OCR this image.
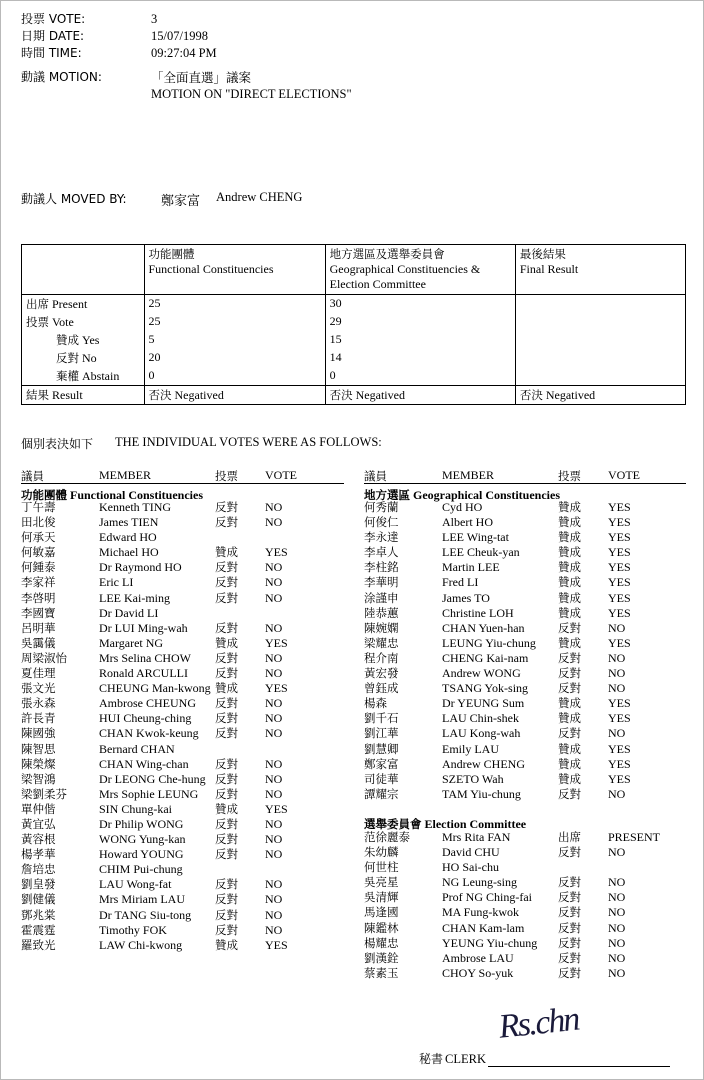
投票 VOTE:	3
日期 DATE:	15/07/1998
時間 TIME:	09:27:04 PM
動議 MOTION:	「全面直選」議案
MOTION ON "DIRECT ELECTIONS"
動議人 MOVED BY:	鄭家富 Andrew CHENG

功能團體
Functional Constituencies

地方選區及選舉委員會
Geographical Constituencies &
Election Committee

最後結果
Final Result

出席 Present	25	30	
投票 Vote	25	29	
贊成 Yes	5	15	
反對 No	20	14	
棄權 Abstain	0	0	
結果 Result	否決 Negatived	否決 Negatived	否決 Negatived
個別表決如下	THE INDIVIDUAL VOTES WERE AS FOLLOWS:
議員	MEMBER	投票	VOTE	議員	MEMBER	投票	VOTE
功能團體 Functional Constituencies	地方選區 Geographical Constituencies
選舉委員會 Election Committee
丁午壽	Kenneth TING	反對	NO
田北俊	James TIEN	反對	NO
何承天	Edward HO
何敏嘉	Michael HO	贊成	YES
何鍾泰	Dr Raymond HO	反對	NO
李家祥	Eric LI	反對	NO
李啓明	LEE Kai-ming	反對	NO
李國寶	Dr David LI
呂明華	Dr LUI Ming-wah	反對	NO
吳靄儀	Margaret NG	贊成	YES
周梁淑怡	Mrs Selina CHOW	反對	NO
夏佳理	Ronald ARCULLI	反對	NO
張文光	CHEUNG Man-kwong 贊成	YES
張永森	Ambrose CHEUNG	反對	NO
許長青	HUI Cheung-ching	反對	NO
陳國強	CHAN Kwok-keung	反對	NO
陳智思	Bernard CHAN
陳榮燦	CHAN Wing-chan	反對	NO
梁智鴻	Dr LEONG Che-hung 反對	NO
梁劉柔芬	Mrs Sophie LEUNG	反對	NO
單仲偕	SIN Chung-kai	贊成	YES
黃宜弘	Dr Philip WONG	反對	NO
黃容根	WONG Yung-kan	反對	NO
楊孝華	Howard YOUNG	反對	NO
詹培忠	CHIM Pui-chung
劉皇發	LAU Wong-fat	反對	NO
劉健儀	Mrs Miriam LAU	反對	NO
鄧兆棠	Dr TANG Siu-tong	反對	NO
霍震霆	Timothy FOK	反對	NO
羅致光	LAW Chi-kwong	贊成	YES
何秀蘭	Cyd HO	贊成	YES
何俊仁	Albert HO	贊成	YES
李永達	LEE Wing-tat	贊成	YES
李卓人	LEE Cheuk-yan	贊成	YES
李柱銘	Martin LEE	贊成	YES
李華明	Fred LI	贊成	YES
涂謹申	James TO	贊成	YES
陸恭蕙	Christine LOH	贊成	YES
陳婉嫻	CHAN Yuen-han	反對	NO
梁耀忠	LEUNG Yiu-chung	贊成	YES
程介南	CHENG Kai-nam	反對	NO
黃宏發	Andrew WONG	反對	NO
曾鈺成	TSANG Yok-sing	反對	NO
楊森	Dr YEUNG Sum	贊成	YES
劉千石	LAU Chin-shek	贊成	YES
劉江華	LAU Kong-wah	反對	NO
劉慧卿	Emily LAU	贊成	YES
鄭家富	Andrew CHENG	贊成	YES
司徒華	SZETO Wah	贊成	YES
譚耀宗	TAM Yiu-chung	反對	NO
范徐麗泰	Mrs Rita FAN	出席	PRESENT
朱幼麟	David CHU	反對	NO
何世柱	HO Sai-chu
吳亮星	NG Leung-sing	反對	NO
吳清輝	Prof NG Ching-fai	反對	NO
馬逢國	MA Fung-kwok	反對	NO
陳鑑林	CHAN Kam-lam	反對	NO
楊耀忠	YEUNG Yiu-chung	反對	NO
劉漢銓	Ambrose LAU	反對	NO
蔡素玉	CHOY So-yuk	反對	NO
Rs.chn
秘書 CLERK
